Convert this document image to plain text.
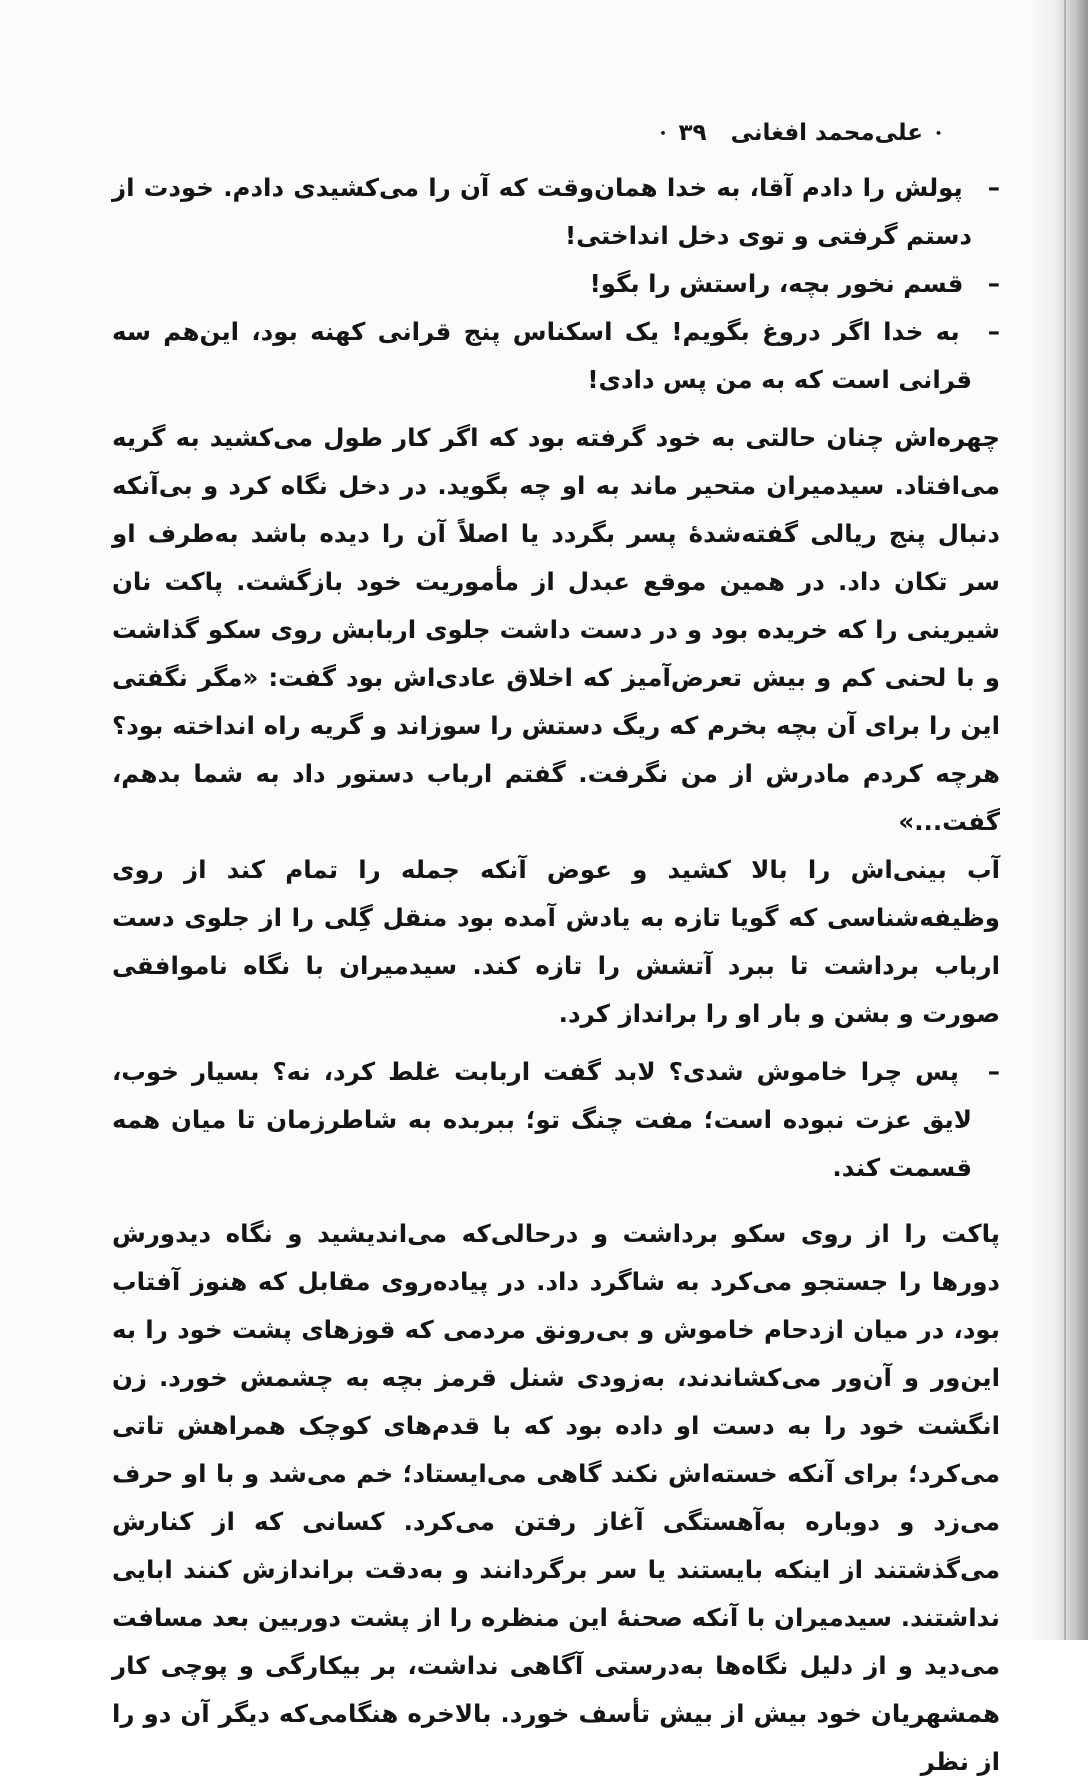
• علی‌محمد افغانی ۳۹ •

– پولش را دادم آقا، به خدا همان‌وقت که آن را می‌کشیدی دادم. خودت از دستم گرفتی و توی دخل انداختی!

– قسم نخور بچه، راستش را بگو!

– به خدا اگر دروغ بگویم! یک اسکناس پنج قرانی کهنه بود، این‌هم سه قرانی است که به من پس دادی!

چهره‌اش چنان حالتی به خود گرفته بود که اگر کار طول می‌کشید به گریه می‌افتاد. سیدمیران متحیر ماند به او چه بگوید. در دخل نگاه کرد و بی‌آنکه دنبال پنج ریالی گفته‌شدهٔ پسر بگردد یا اصلاً آن را دیده باشد به‌طرف او سر تکان داد. در همین موقع عبدل از مأموریت خود بازگشت. پاکت نان شیرینی را که خریده بود و در دست داشت جلوی اربابش روی سکو گذاشت و با لحنی کم و بیش تعرض‌آمیز که اخلاق عادی‌اش بود گفت: «مگر نگفتی این را برای آن بچه بخرم که ریگ دستش را سوزاند و گریه راه انداخته بود؟ هرچه کردم مادرش از من نگرفت. گفتم ارباب دستور داد به شما بدهم، گفت...»

آب بینی‌اش را بالا کشید و عوض آنکه جمله را تمام کند از روی وظیفه‌شناسی که گویا تازه به یادش آمده بود منقل گِلی را از جلوی دست ارباب برداشت تا ببرد آتشش را تازه کند. سیدمیران با نگاه ناموافقی صورت و بشن و بار او را برانداز کرد.

– پس چرا خاموش شدی؟ لابد گفت اربابت غلط کرد، نه؟ بسیار خوب، لایق عزت نبوده است؛ مفت چنگ تو؛ ببربده به شاطرزمان تا میان همه قسمت کند.

پاکت را از روی سکو برداشت و درحالی‌که می‌اندیشید و نگاه دیدورش دورها را جستجو می‌کرد به شاگرد داد. در پیاده‌روی مقابل که هنوز آفتاب بود، در میان ازدحام خاموش و بی‌رونق مردمی که قوزهای پشت خود را به این‌ور و آن‌ور می‌کشاندند، به‌زودی شنل قرمز بچه به چشمش خورد. زن انگشت خود را به دست او داده بود که با قدم‌های کوچک همراهش تاتی می‌کرد؛ برای آنکه خسته‌اش نکند گاهی می‌ایستاد؛ خم می‌شد و با او حرف می‌زد و دوباره به‌آهستگی آغاز رفتن می‌کرد. کسانی که از کنارش می‌گذشتند از اینکه بایستند یا سر برگردانند و به‌دقت براندازش کنند ابایی نداشتند. سیدمیران با آنکه صحنهٔ این منظره را از پشت دوربین بعد مسافت می‌دید و از دلیل نگاه‌ها به‌درستی آگاهی نداشت، بر بیکارگی و پوچی کار همشهریان خود بیش از بیش تأسف خورد. بالاخره هنگامی‌که دیگر آن دو را از نظر
